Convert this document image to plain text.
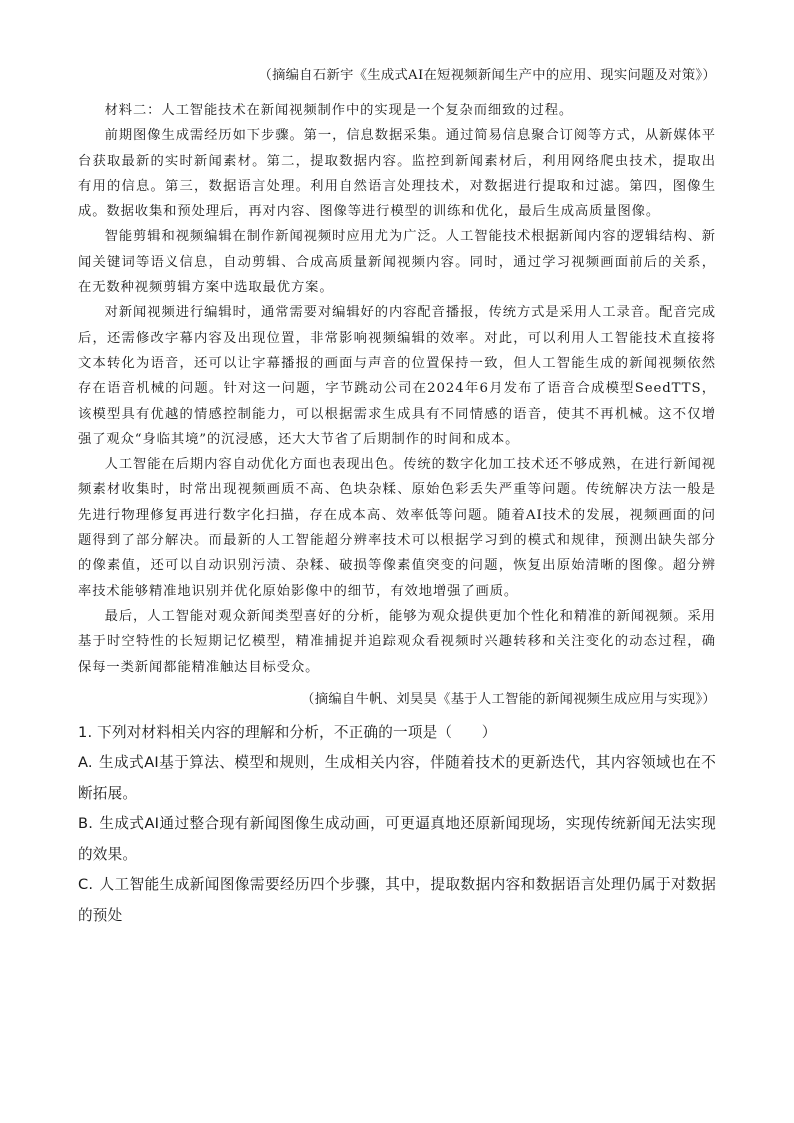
（摘编自石新宇《生成式AI在短视频新闻生产中的应用、现实问题及对策》）

材料二：人工智能技术在新闻视频制作中的实现是一个复杂而细致的过程。

前期图像生成需经历如下步骤。第一，信息数据采集。通过简易信息聚合订阅等方式，从新媒体平台获取最新的实时新闻素材。第二，提取数据内容。监控到新闻素材后，利用网络爬虫技术，提取出有用的信息。第三，数据语言处理。利用自然语言处理技术，对数据进行提取和过滤。第四，图像生成。数据收集和预处理后，再对内容、图像等进行模型的训练和优化，最后生成高质量图像。

智能剪辑和视频编辑在制作新闻视频时应用尤为广泛。人工智能技术根据新闻内容的逻辑结构、新闻关键词等语义信息，自动剪辑、合成高质量新闻视频内容。同时，通过学习视频画面前后的关系，在无数种视频剪辑方案中选取最优方案。

对新闻视频进行编辑时，通常需要对编辑好的内容配音播报，传统方式是采用人工录音。配音完成后，还需修改字幕内容及出现位置，非常影响视频编辑的效率。对此，可以利用人工智能技术直接将文本转化为语音，还可以让字幕播报的画面与声音的位置保持一致，但人工智能生成的新闻视频依然存在语音机械的问题。针对这一问题，字节跳动公司在2024年6月发布了语音合成模型SeedTTS，该模型具有优越的情感控制能力，可以根据需求生成具有不同情感的语音，使其不再机械。这不仅增强了观众“身临其境”的沉浸感，还大大节省了后期制作的时间和成本。

人工智能在后期内容自动优化方面也表现出色。传统的数字化加工技术还不够成熟，在进行新闻视频素材收集时，时常出现视频画质不高、色块杂糅、原始色彩丢失严重等问题。传统解决方法一般是先进行物理修复再进行数字化扫描，存在成本高、效率低等问题。随着AI技术的发展，视频画面的问题得到了部分解决。而最新的人工智能超分辨率技术可以根据学习到的模式和规律，预测出缺失部分的像素值，还可以自动识别污渍、杂糅、破损等像素值突变的问题，恢复出原始清晰的图像。超分辨率技术能够精准地识别并优化原始影像中的细节，有效地增强了画质。

最后，人工智能对观众新闻类型喜好的分析，能够为观众提供更加个性化和精准的新闻视频。采用基于时空特性的长短期记忆模型，精准捕捉并追踪观众看视频时兴趣转移和关注变化的动态过程，确保每一类新闻都能精准触达目标受众。

（摘编自牛帆、刘昊昊《基于人工智能的新闻视频生成应用与实现》）

1. 下列对材料相关内容的理解和分析，不正确的一项是（　　）

A. 生成式AI基于算法、模型和规则，生成相关内容，伴随着技术的更新迭代，其内容领域也在不断拓展。

B. 生成式AI通过整合现有新闻图像生成动画，可更逼真地还原新闻现场，实现传统新闻无法实现的效果。

C. 人工智能生成新闻图像需要经历四个步骤，其中，提取数据内容和数据语言处理仍属于对数据的预处
